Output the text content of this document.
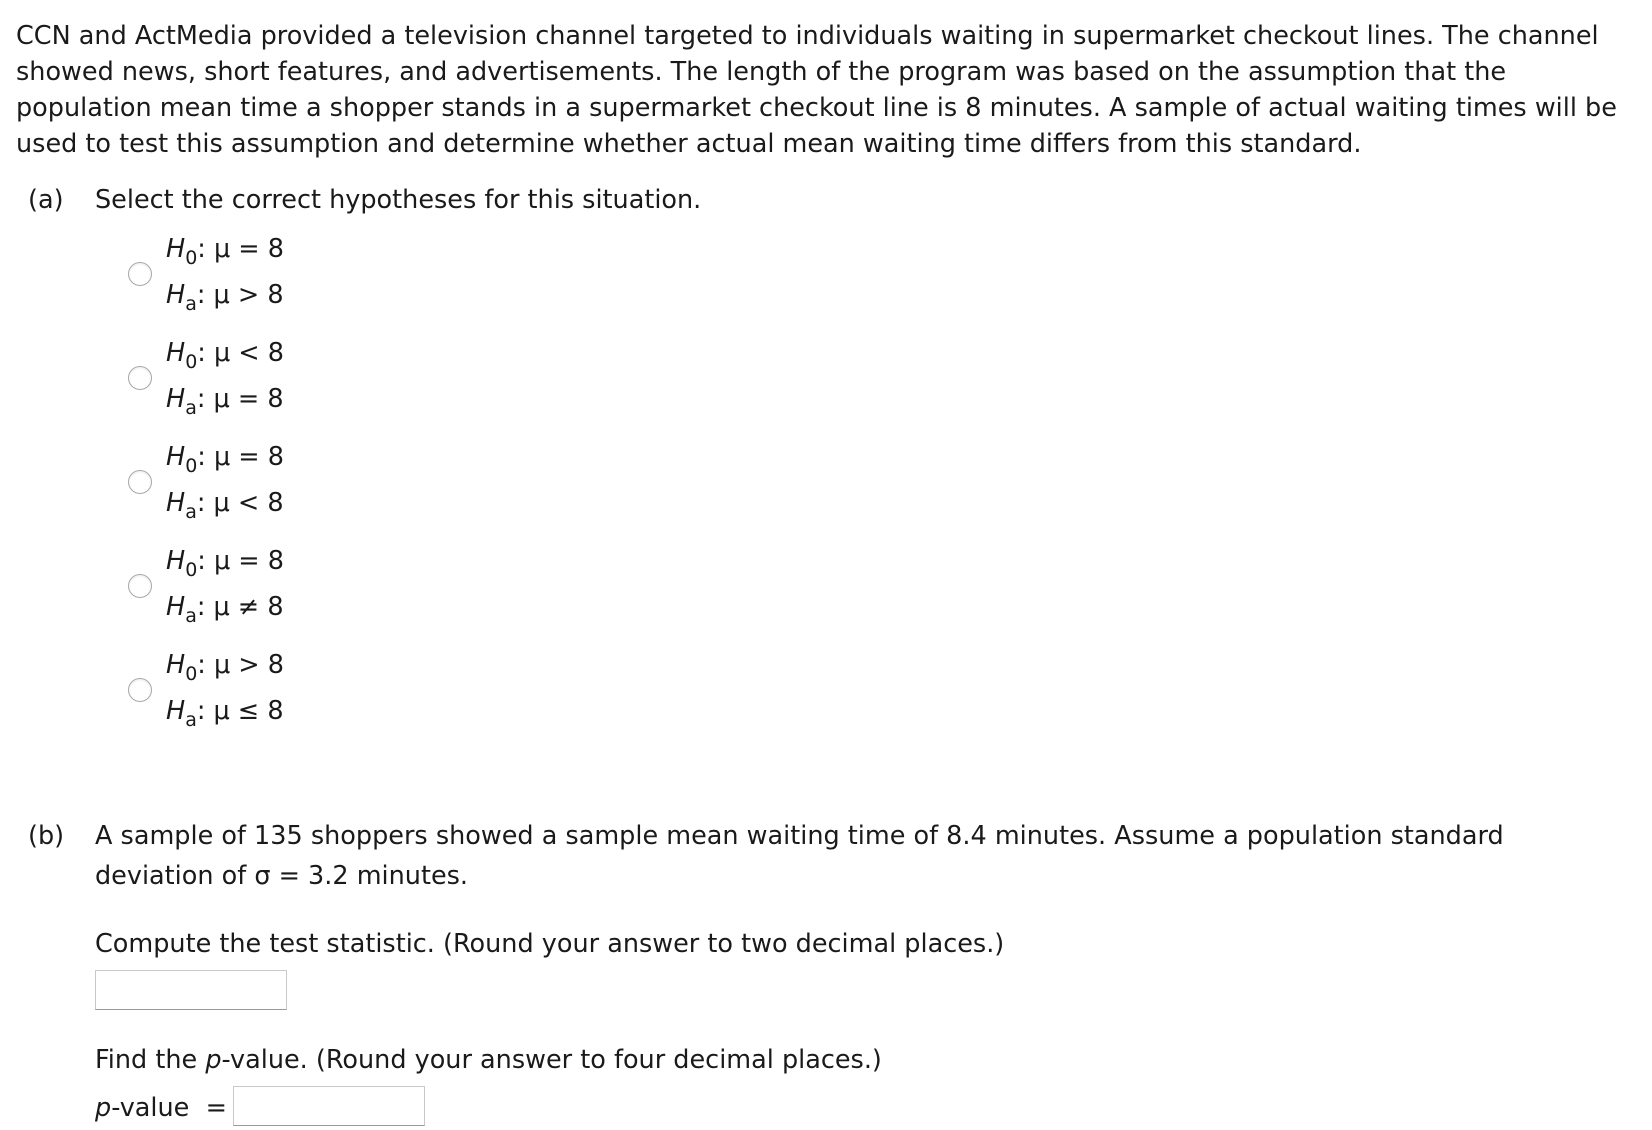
CCN and ActMedia provided a television channel targeted to individuals waiting in supermarket checkout lines. The channel showed news, short features, and advertisements. The length of the program was based on the assumption that the population mean time a shopper stands in a supermarket checkout line is 8 minutes. A sample of actual waiting times will be used to test this assumption and determine whether actual mean waiting time differs from this standard.

(a) Select the correct hypotheses for this situation.
$H_0$: μ = 8
$H_a$: μ > 8
$H_0$: μ < 8
$H_a$: μ = 8
$H_0$: μ = 8
$H_a$: μ < 8
$H_0$: μ = 8
$H_a$: μ ≠ 8
$H_0$: μ > 8
$H_a$: μ ≤ 8
(b) A sample of 135 shoppers showed a sample mean waiting time of 8.4 minutes. Assume a population standard
deviation of σ = 3.2 minutes.
Compute the test statistic. (Round your answer to two decimal places.)
Find the p-value. (Round your answer to four decimal places.)
p-value  =
